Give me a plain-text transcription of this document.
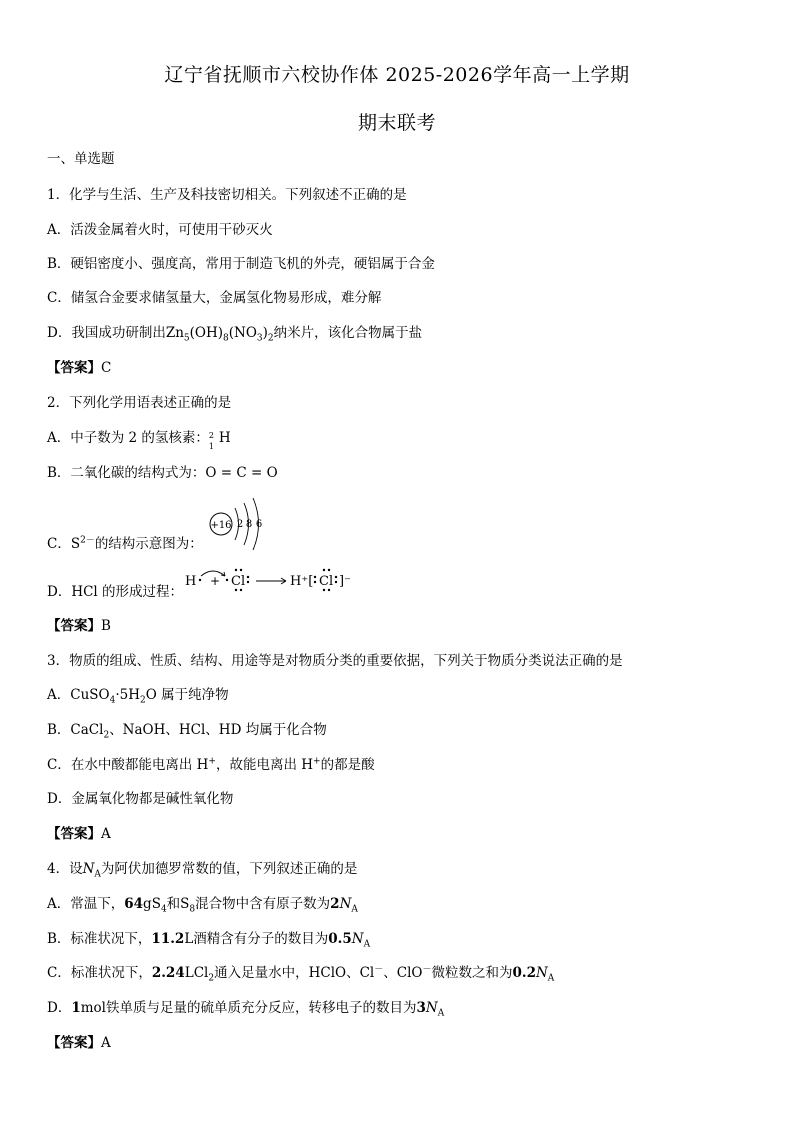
辽宁省抚顺市六校协作体 2025-2026学年高一上学期
期末联考
一、单选题
1．化学与生活、生产及科技密切相关。下列叙述不正确的是
A．活泼金属着火时，可使用干砂灭火
B．硬铝密度小、强度高，常用于制造飞机的外壳，硬铝属于合金
C．储氢合金要求储氢量大，金属氢化物易形成，难分解
D．我国成功研制出$Zn_5(OH)_8(NO_3)_2$纳米片，该化合物属于盐
【答案】C
2．下列化学用语表述正确的是
A．中子数为 2 的氢核素： 2
1
H
B．二氧化碳的结构式为：O = C = O
C．$S^{2-}$的结构示意图为：
+16 2 8 6
D．HCl 的形成过程：
H + Cl	H⁺[ Cl ]⁻
【答案】B
3．物质的组成、性质、结构、用途等是对物质分类的重要依据，下列关于物质分类说法正确的是
A．$CuSO_4\cdot 5H_2O$ 属于纯净物
B．CaCl$_2$、NaOH、HCl、HD 均属于化合物
C．在水中酸都能电离出 H+，故能电离出 H+的都是酸
D．金属氧化物都是碱性氧化物
【答案】A
4．设$N_A$为阿伏加德罗常数的值，下列叙述正确的是
A．常温下，$64gS_4$和$S_8$混合物中含有原子数为$2N_A$
B．标准状况下，11.2L酒精含有分子的数目为$0.5N_A$
C．标准状况下，2.24LCl$_2$通入足量水中，HClO、Cl－、ClO－微粒数之和为$0.2N_A$
D．1mol铁单质与足量的硫单质充分反应，转移电子的数目为$3N_A$
【答案】A
